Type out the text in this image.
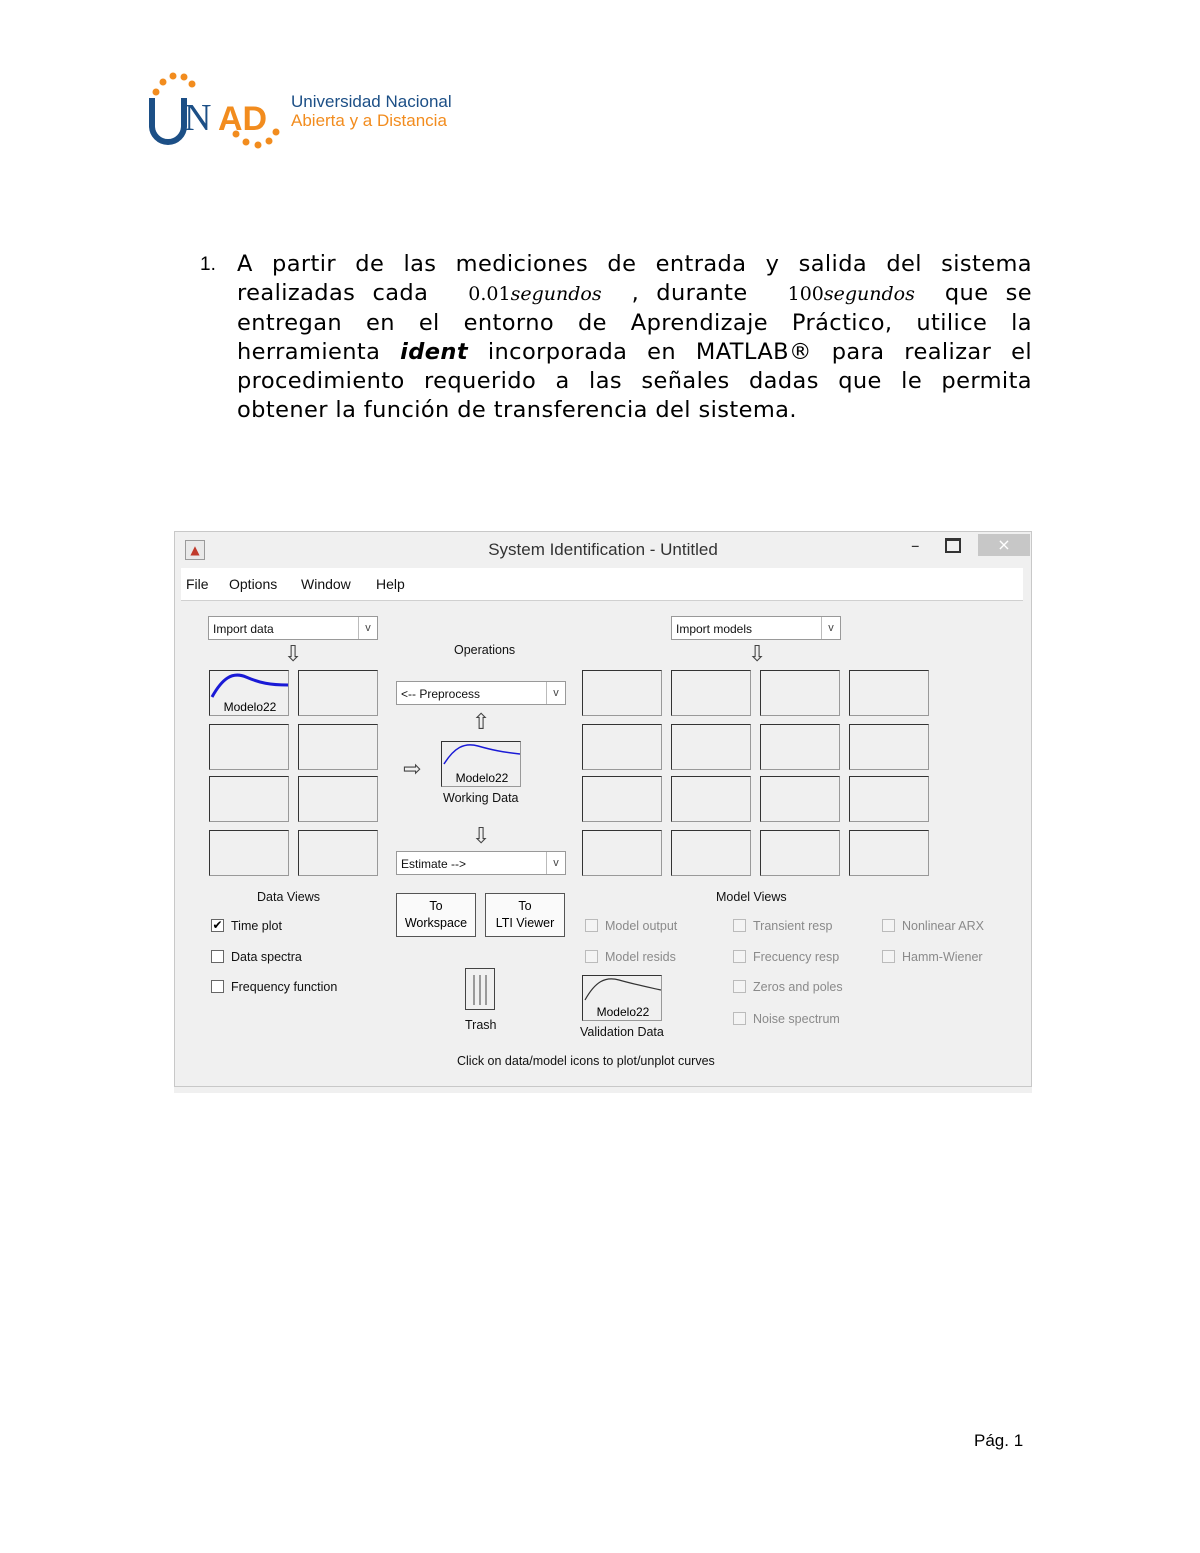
N AD Universidad Nacional
Abierta y a Distancia
1. A partir de las mediciones de entrada y salida del sistema realizadas cada 0.01segundos , durante 100segundos que se entregan en el entorno de Aprendizaje Práctico, utilice la herramienta ident incorporada en MATLAB® para realizar el procedimiento requerido a las señales dadas que le permita obtener la función de transferencia del sistema.
▲	System Identification - Untitled	–	×
File Options Window Help
Import data	v
⇩
Modelo22
Operations
<-- Preprocess	v
⇧
⇨	Modelo22
Working Data
⇩
Estimate -->	v
Import models	v
⇩
Data Views
✔ Time plot
Data spectra
Frequency function
To
Workspace
To
LTI Viewer
Trash
Modelo22
Validation Data
Model Views
Model output
Model resids
Transient resp
Frecuency resp
Zeros and poles
Noise spectrum
Nonlinear ARX
Hamm-Wiener
Click on data/model icons to plot/unplot curves
Pág. 1
